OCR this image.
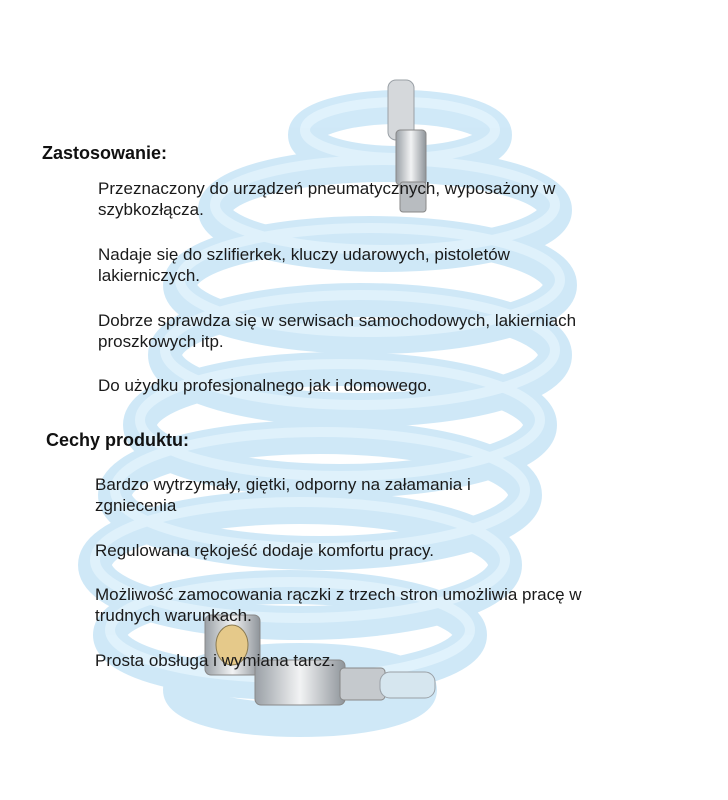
Zastosowanie:

Przeznaczony do urządzeń pneumatycznych, wyposażony w szybkozłącza.

Nadaje się do szlifierkek, kluczy udarowych, pistoletów lakierniczych.

Dobrze sprawdza się w serwisach samochodowych, lakierniach proszkowych itp.

Do użydku profesjonalnego jak i domowego.

Cechy produktu:

Bardzo wytrzymały, giętki, odporny na załamania i zgniecenia

Regulowana rękojeść dodaje komfortu pracy.

Możliwość zamocowania rączki z trzech stron umożliwia pracę w trudnych warunkach.

Prosta obsługa i wymiana tarcz.
